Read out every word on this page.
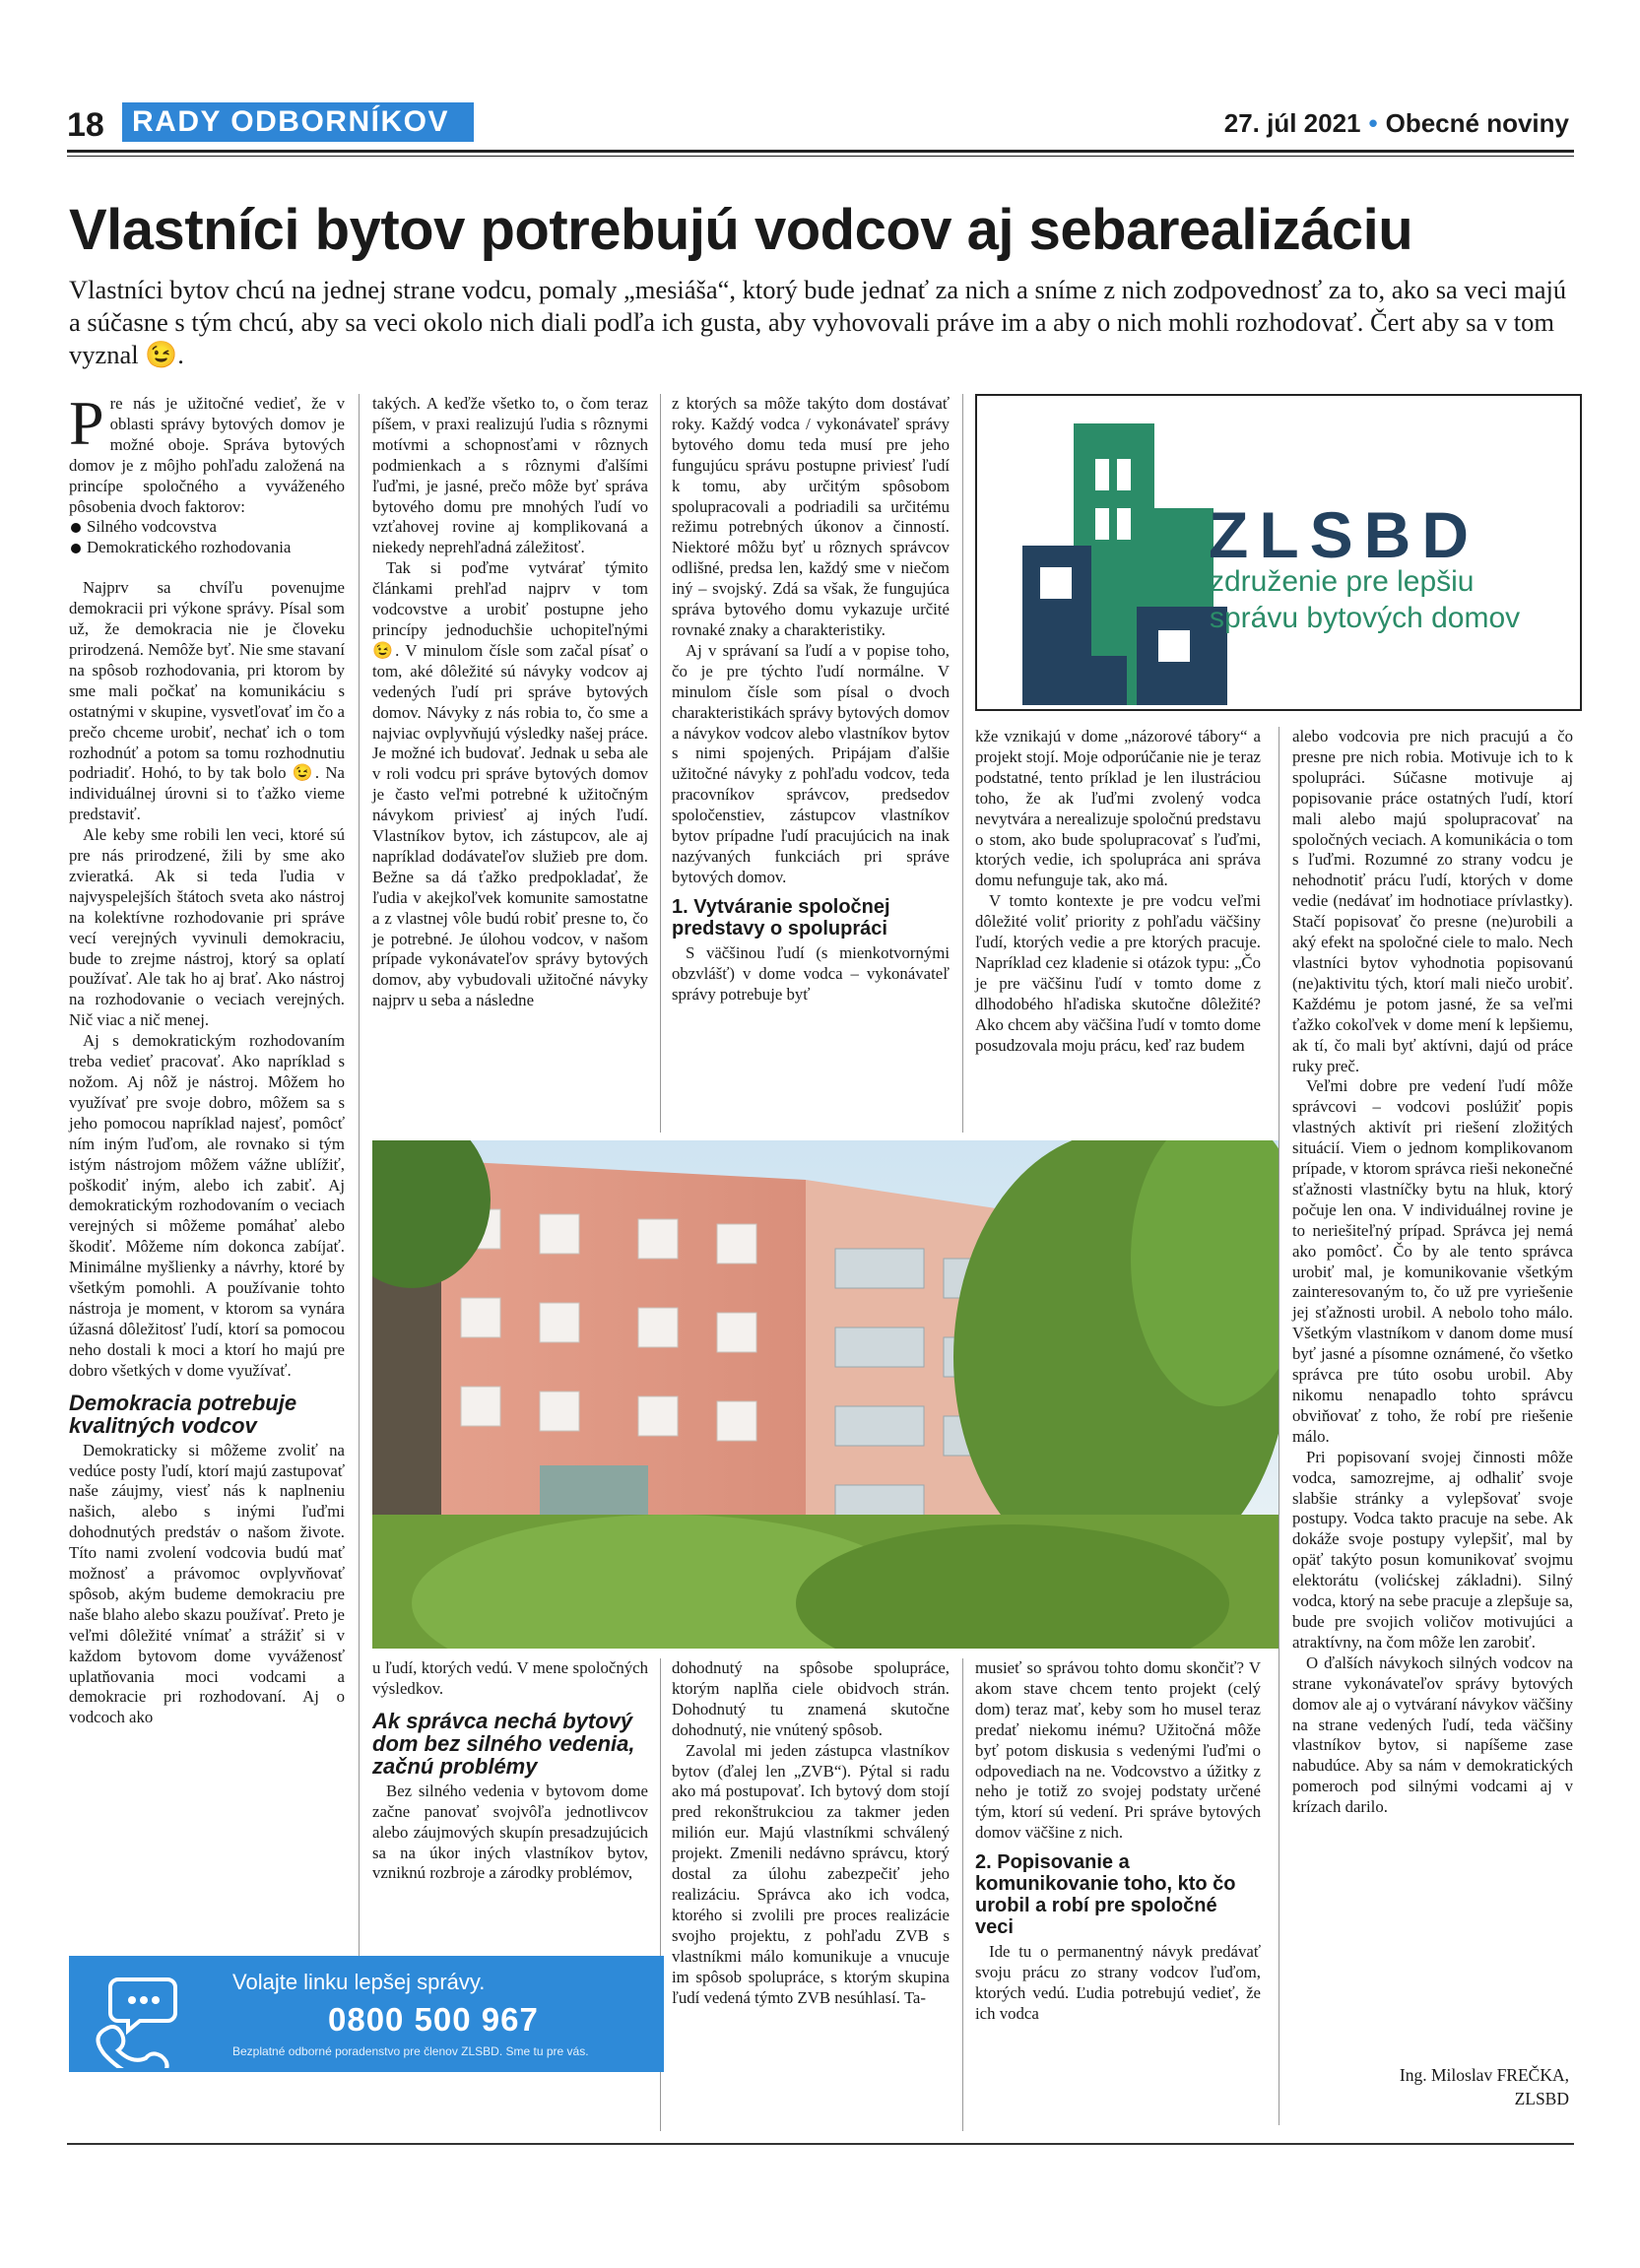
18 RADY ODBORNÍKOV	27. júl 2021 • Obecné noviny
Vlastníci bytov potrebujú vodcov aj sebarealizáciu
Vlastníci bytov chcú na jednej strane vodcu, pomaly „mesiáša“, ktorý bude jednať za nich a sníme z nich zodpovednosť za to, ako sa veci majú a súčasne s tým chcú, aby sa veci okolo nich diali podľa ich gusta, aby vyhovovali práve im a aby o nich mohli rozhodovať. Čert aby sa v tom vyznal 😉.

Pre nás je užitočné vedieť, že v oblasti správy bytových domov je možné oboje. Správa bytových domov je z môjho pohľadu založená na princípe spoločného a vyváženého pôsobenia dvoch faktorov:

Silného vodcovstva
Demokratického rozhodovania

Najprv sa chvíľu povenujme demokracii pri výkone správy. Písal som už, že demokracia nie je človeku prirodzená. Nemôže byť. Nie sme stavaní na spôsob rozhodovania, pri ktorom by sme mali počkať na komunikáciu s ostatnými v skupine, vysvetľovať im čo a prečo chceme urobiť, nechať ich o tom rozhodnúť a potom sa tomu rozhodnutiu podriadiť. Hohó, to by tak bolo 😉. Na individuálnej úrovni si to ťažko vieme predstaviť.

Ale keby sme robili len veci, ktoré sú pre nás prirodzené, žili by sme ako zvieratká. Ak si teda ľudia v najvyspelejších štátoch sveta ako nástroj na kolektívne rozhodovanie pri správe vecí verejných vyvinuli demokraciu, bude to zrejme nástroj, ktorý sa oplatí používať. Ale tak ho aj brať. Ako nástroj na rozhodovanie o veciach verejných. Nič viac a nič menej.

Aj s demokratickým rozhodovaním treba vedieť pracovať. Ako napríklad s nožom. Aj nôž je nástroj. Môžem ho využívať pre svoje dobro, môžem sa s jeho pomocou napríklad najesť, pomôcť ním iným ľuďom, ale rovnako si tým istým nástrojom môžem vážne ublížiť, poškodiť iným, alebo ich zabiť. Aj demokratickým rozhodovaním o veciach verejných si môžeme pomáhať alebo škodiť. Môžeme ním dokonca zabíjať. Minimálne myšlienky a návrhy, ktoré by všetkým pomohli. A používanie tohto nástroja je moment, v ktorom sa vynára úžasná dôležitosť ľudí, ktorí sa pomocou neho dostali k moci a ktorí ho majú pre dobro všetkých v dome využívať.

Demokracia potrebuje kvalitných vodcov

Demokraticky si môžeme zvoliť na vedúce posty ľudí, ktorí majú zastupovať naše záujmy, viesť nás k naplneniu našich, alebo s inými ľuďmi dohodnutých predstáv o našom živote. Títo nami zvolení vodcovia budú mať možnosť a právomoc ovplyvňovať spôsob, akým budeme demokraciu pre naše blaho alebo skazu používať. Preto je veľmi dôležité vnímať a strážiť si v každom bytovom dome vyváženosť uplatňovania moci vodcami a demokracie pri rozhodovaní. Aj o vodcoch ako

takých. A keďže všetko to, o čom teraz píšem, v praxi realizujú ľudia s rôznymi motívmi a schopnosťami v rôznych podmienkach a s rôznymi ďalšími ľuďmi, je jasné, prečo môže byť správa bytového domu pre mnohých ľudí vo vzťahovej rovine aj komplikovaná a niekedy neprehľadná záležitosť.

Tak si poďme vytvárať týmito článkami prehľad najprv v tom vodcovstve a urobiť postupne jeho princípy jednoduchšie uchopiteľnými 😉. V minulom čísle som začal písať o tom, aké dôležité sú návyky vodcov aj vedených ľudí pri správe bytových domov. Návyky z nás robia to, čo sme a najviac ovplyvňujú výsledky našej práce. Je možné ich budovať. Jednak u seba ale v roli vodcu pri správe bytových domov je často veľmi potrebné k užitočným návykom priviesť aj iných ľudí. Vlastníkov bytov, ich zástupcov, ale aj napríklad dodávateľov služieb pre dom. Bežne sa dá ťažko predpokladať, že ľudia v akejkoľvek komunite samostatne a z vlastnej vôle budú robiť presne to, čo je potrebné. Je úlohou vodcov, v našom prípade vykonávateľov správy bytových domov, aby vybudovali užitočné návyky najprv u seba a následne

u ľudí, ktorých vedú. V mene spoločných výsledkov.

Ak správca nechá bytový dom bez silného vedenia, začnú problémy

Bez silného vedenia v bytovom dome začne panovať svojvôľa jednotlivcov alebo záujmových skupín presadzujúcich sa na úkor iných vlastníkov bytov, vzniknú rozbroje a zárodky problémov,

z ktorých sa môže takýto dom dostávať roky. Každý vodca / vykonávateľ správy bytového domu teda musí pre jeho fungujúcu správu postupne priviesť ľudí k tomu, aby určitým spôsobom spolupracovali a podriadili sa určitému režimu potrebných úkonov a činností. Niektoré môžu byť u rôznych správcov odlišné, predsa len, každý sme v niečom iný – svojský. Zdá sa však, že fungujúca správa bytového domu vykazuje určité rovnaké znaky a charakteristiky.

Aj v správaní sa ľudí a v popise toho, čo je pre týchto ľudí normálne. V minulom čísle som písal o dvoch charakteristikách správy bytových domov a návykov vodcov alebo vlastníkov bytov s nimi spojených. Pripájam ďalšie užitočné návyky z pohľadu vodcov, teda pracovníkov správcov, predsedov spoločenstiev, zástupcov vlastníkov bytov prípadne ľudí pracujúcich na inak nazývaných funkciách pri správe bytových domov.

1. Vytváranie spoločnej predstavy o spolupráci

S väčšinou ľudí (s mienkotvornými obzvlášť) v dome vodca – vykonávateľ správy potrebuje byť

dohodnutý na spôsobe spolupráce, ktorým naplňa ciele obidvoch strán. Dohodnutý tu znamená skutočne dohodnutý, nie vnútený spôsob.

Zavolal mi jeden zástupca vlastníkov bytov (ďalej len „ZVB“). Pýtal si radu ako má postupovať. Ich bytový dom stojí pred rekonštrukciou za takmer jeden milión eur. Majú vlastníkmi schválený projekt. Zmenili nedávno správcu, ktorý dostal za úlohu zabezpečiť jeho realizáciu. Správca ako ich vodca, ktorého si zvolili pre proces realizácie svojho projektu, z pohľadu ZVB s vlastníkmi málo komunikuje a vnucuje im spôsob spolupráce, s ktorým skupina ľudí vedená týmto ZVB nesúhlasí. Ta-

kže vznikajú v dome „názorové tábory“ a projekt stojí. Moje odporúčanie nie je teraz podstatné, tento príklad je len ilustráciou toho, že ak ľuďmi zvolený vodca nevytvára a nerealizuje spoločnú predstavu o stom, ako bude spolupracovať s ľuďmi, ktorých vedie, ich spolupráca ani správa domu nefunguje tak, ako má.

V tomto kontexte je pre vodcu veľmi dôležité voliť priority z pohľadu väčšiny ľudí, ktorých vedie a pre ktorých pracuje. Napríklad cez kladenie si otázok typu: „Čo je pre väčšinu ľudí v tomto dome z dlhodobého hľadiska skutočne dôležité? Ako chcem aby väčšina ľudí v tomto dome posudzovala moju prácu, keď raz budem

musieť so správou tohto domu skončiť? V akom stave chcem tento projekt (celý dom) teraz mať, keby som ho musel teraz predať niekomu inému? Užitočná môže byť potom diskusia s vedenými ľuďmi o odpovediach na ne. Vodcovstvo a úžitky z neho je totiž zo svojej podstaty určené tým, ktorí sú vedení. Pri správe bytových domov väčšine z nich.

2. Popisovanie a komunikovanie toho, kto čo urobil a robí pre spoločné veci

Ide tu o permanentný návyk predávať svoju prácu zo strany vodcov ľuďom, ktorých vedú. Ľudia potrebujú vedieť, že ich vodca

alebo vodcovia pre nich pracujú a čo presne pre nich robia. Motivuje ich to k spolupráci. Súčasne motivuje aj popisovanie práce ostatných ľudí, ktorí mali alebo majú spolupracovať na spoločných veciach. A komunikácia o tom s ľuďmi. Rozumné zo strany vodcu je nehodnotiť prácu ľudí, ktorých v dome vedie (nedávať im hodnotiace prívlastky). Stačí popisovať čo presne (ne)urobili a aký efekt na spoločné ciele to malo. Nech vlastníci bytov vyhodnotia popisovanú (ne)aktivitu tých, ktorí mali niečo urobiť. Každému je potom jasné, že sa veľmi ťažko cokoľvek v dome mení k lepšiemu, ak tí, čo mali byť aktívni, dajú od práce ruky preč.

Veľmi dobre pre vedení ľudí môže správcovi – vodcovi poslúžiť popis vlastných aktivít pri riešení zložitých situácií. Viem o jednom komplikovanom prípade, v ktorom správca rieši nekonečné sťažnosti vlastníčky bytu na hluk, ktorý počuje len ona. V individuálnej rovine je to neriešiteľný prípad. Správca jej nemá ako pomôcť. Čo by ale tento správca urobiť mal, je komunikovanie všetkým zainteresovaným to, čo už pre vyriešenie jej sťažnosti urobil. A nebolo toho málo. Všetkým vlastníkom v danom dome musí byť jasné a písomne oznámené, čo všetko správca pre túto osobu urobil. Aby nikomu nenapadlo tohto správcu obviňovať z toho, že robí pre riešenie málo.

Pri popisovaní svojej činnosti môže vodca, samozrejme, aj odhaliť svoje slabšie stránky a vylepšovať svoje postupy. Vodca takto pracuje na sebe. Ak dokáže svoje postupy vylepšiť, mal by opäť takýto posun komunikovať svojmu elektorátu (volićskej základni). Silný vodca, ktorý na sebe pracuje a zlepšuje sa, bude pre svojich voličov motivujúci a atraktívny, na čom môže len zarobiť.

O ďalších návykoch silných vodcov na strane vykonávateľov správy bytových domov ale aj o vytváraní návykov väčšiny na strane vedených ľudí, teda väčšiny vlastníkov bytov, si napíšeme zase nabudúce. Aby sa nám v demokratických pomeroch pod silnými vodcami aj v krízach darilo.

ZLSBD
združenie pre lepšiu
správu bytových domov
Volajte linku lepšej správy.
0800 500 967
Bezplatné odborné poradenstvo pre členov ZLSBD. Sme tu pre vás.
Ing. Miloslav FREČKA,
ZLSBD
